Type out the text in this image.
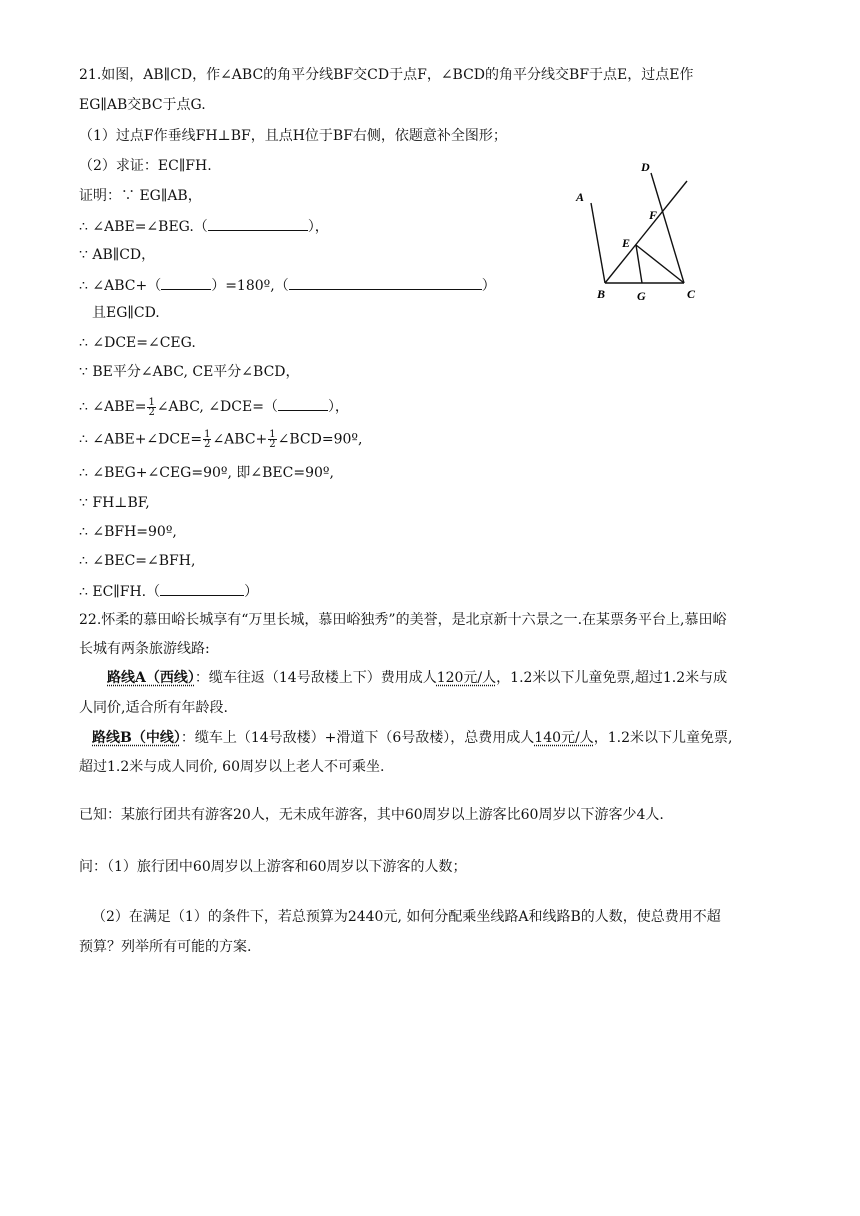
21.如图，AB∥CD，作∠ABC的角平分线BF交CD于点F，∠BCD的角平分线交BF于点E，过点E作
EG∥AB交BC于点G.
（1）过点F作垂线FH⊥BF，且点H位于BF右侧，依题意补全图形；
（2）求证：EC∥FH.
证明：∵ EG∥AB，
∴ ∠ABE=∠BEG.（	），
∵ AB∥CD，
∴ ∠ABC+（	）=180º,（	）
且EG∥CD.
∴ ∠DCE=∠CEG.
∵ BE平分∠ABC, CE平分∠BCD，
∴ ∠ABE= $\frac{1}{2}$ ∠ABC, ∠DCE=（	），
∴ ∠ABE+∠DCE= $\frac{1}{2}$ ∠ABC+ $\frac{1}{2}$ ∠BCD=90º,
∴ ∠BEG+∠CEG=90º, 即∠BEC=90º,
∵ FH⊥BF,
∴ ∠BFH=90º,
∴ ∠BEC=∠BFH,
∴ EC∥FH.（	）
A
B	C
D
E
F
G
22.怀柔的慕田峪长城享有“万里长城，慕田峪独秀”的美誉，是北京新十六景之一.在某票务平台上,慕田峪
长城有两条旅游线路:
路线A（西线）：缆车往返（14号敌楼上下）费用成人120元/人，1.2米以下儿童免票,超过1.2米与成
人同价,适合所有年龄段.
路线B（中线）：缆车上（14号敌楼）+滑道下（6号敌楼），总费用成人140元/人，1.2米以下儿童免票,
超过1.2米与成人同价, 60周岁以上老人不可乘坐.
已知：某旅行团共有游客20人，无未成年游客，其中60周岁以上游客比60周岁以下游客少4人.
问：（1）旅行团中60周岁以上游客和60周岁以下游客的人数；
（2）在满足（1）的条件下，若总预算为2440元, 如何分配乘坐线路A和线路B的人数，使总费用不超
预算？列举所有可能的方案.
